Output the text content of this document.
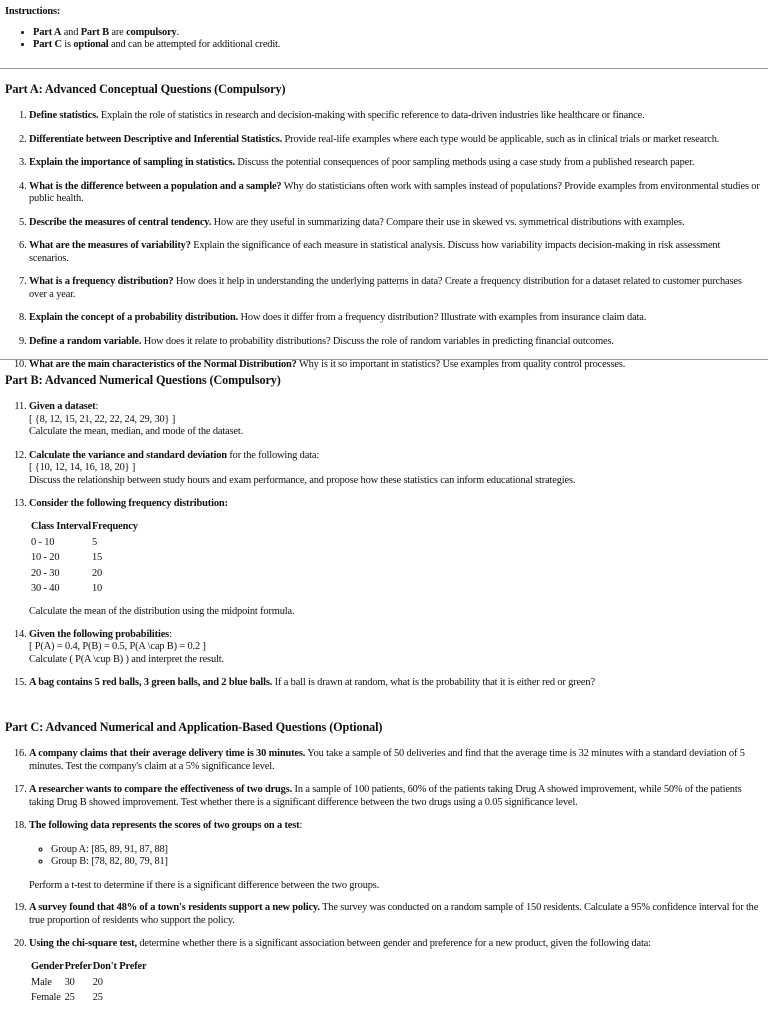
Instructions:
• Part A and Part B are compulsory.
• Part C is optional and can be attempted for additional credit.
Part A: Advanced Conceptual Questions (Compulsory)
1. Define statistics. Explain the role of statistics in research and decision-making with specific reference to data-driven industries like healthcare or finance.
2. Differentiate between Descriptive and Inferential Statistics. Provide real-life examples where each type would be applicable, such as in clinical trials or market research.
3. Explain the importance of sampling in statistics. Discuss the potential consequences of poor sampling methods using a case study from a published research paper.
4. What is the difference between a population and a sample? Why do statisticians often work with samples instead of populations? Provide examples from environmental studies or public health.
5. Describe the measures of central tendency. How are they useful in summarizing data? Compare their use in skewed vs. symmetrical distributions with examples.
6. What are the measures of variability? Explain the significance of each measure in statistical analysis. Discuss how variability impacts decision-making in risk assessment scenarios.
7. What is a frequency distribution? How does it help in understanding the underlying patterns in data? Create a frequency distribution for a dataset related to customer purchases over a year.
8. Explain the concept of a probability distribution. How does it differ from a frequency distribution? Illustrate with examples from insurance claim data.
9. Define a random variable. How does it relate to probability distributions? Discuss the role of random variables in predicting financial outcomes.
10. What are the main characteristics of the Normal Distribution? Why is it so important in statistics? Use examples from quality control processes.
Part B: Advanced Numerical Questions (Compulsory)
11. Given a dataset:
[ {8, 12, 15, 21, 22, 22, 24, 29, 30} ]
Calculate the mean, median, and mode of the dataset.
12. Calculate the variance and standard deviation for the following data:
[ {10, 12, 14, 16, 18, 20} ]
Discuss the relationship between study hours and exam performance, and propose how these statistics can inform educational strategies.
13. Consider the following frequency distribution:
Class Interval	Frequency
0 - 10	5
10 - 20	15
20 - 30	20
30 - 40	10
Calculate the mean of the distribution using the midpoint formula.
14. Given the following probabilities:
[ P(A) = 0.4, P(B) = 0.5, P(A \cap B) = 0.2 ]
Calculate ( P(A \cup B) ) and interpret the result.
15. A bag contains 5 red balls, 3 green balls, and 2 blue balls. If a ball is drawn at random, what is the probability that it is either red or green?
Part C: Advanced Numerical and Application-Based Questions (Optional)
16. A company claims that their average delivery time is 30 minutes. You take a sample of 50 deliveries and find that the average time is 32 minutes with a standard deviation of 5 minutes. Test the company's claim at a 5% significance level.
17. A researcher wants to compare the effectiveness of two drugs. In a sample of 100 patients, 60% of the patients taking Drug A showed improvement, while 50% of the patients taking Drug B showed improvement. Test whether there is a significant difference between the two drugs using a 0.05 significance level.
18. The following data represents the scores of two groups on a test:
◦ Group A: [85, 89, 91, 87, 88]
◦ Group B: [78, 82, 80, 79, 81]
Perform a t-test to determine if there is a significant difference between the two groups.
19. A survey found that 48% of a town's residents support a new policy. The survey was conducted on a random sample of 150 residents. Calculate a 95% confidence interval for the true proportion of residents who support the policy.
20. Using the chi-square test, determine whether there is a significant association between gender and preference for a new product, given the following data:
Gender	Prefer	Don't Prefer
Male	30	20
Female	25	25
